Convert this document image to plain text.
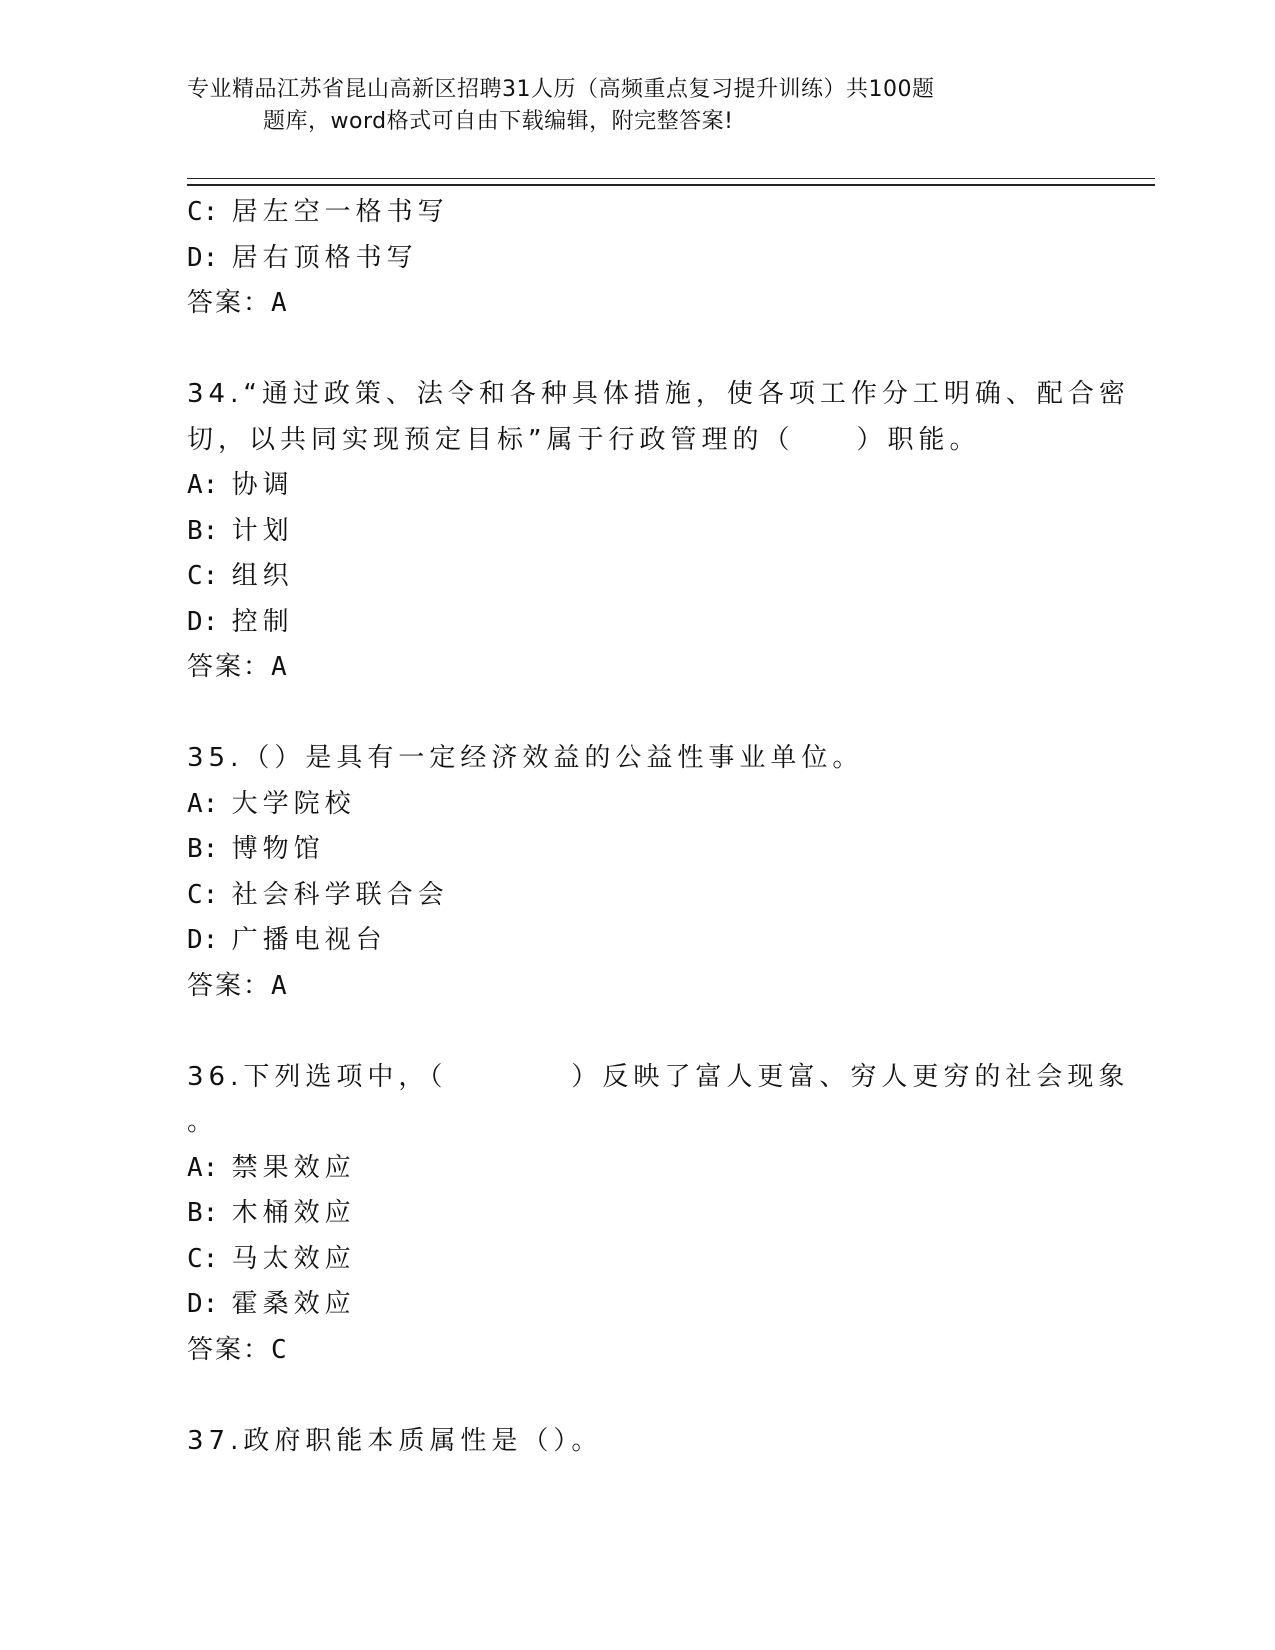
专业精品江苏省昆山高新区招聘31人历（高频重点复习提升训练）共100题
题库，word格式可自由下载编辑，附完整答案!
C: 居左空一格书写
D: 居右顶格书写
答案：A
34.“通过政策、法令和各种具体措施，使各项工作分工明确、配合密
切，以共同实现预定目标”属于行政管理的（　　）职能。
A: 协调
B: 计划
C: 组织
D: 控制
答案：A
35.（）是具有一定经济效益的公益性事业单位。
A: 大学院校
B: 博物馆
C: 社会科学联合会
D: 广播电视台
答案：A
36.下列选项中，（　　　　）反映了富人更富、穷人更穷的社会现象
。
A: 禁果效应
B: 木桶效应
C: 马太效应
D: 霍桑效应
答案：C
37.政府职能本质属性是（）。
